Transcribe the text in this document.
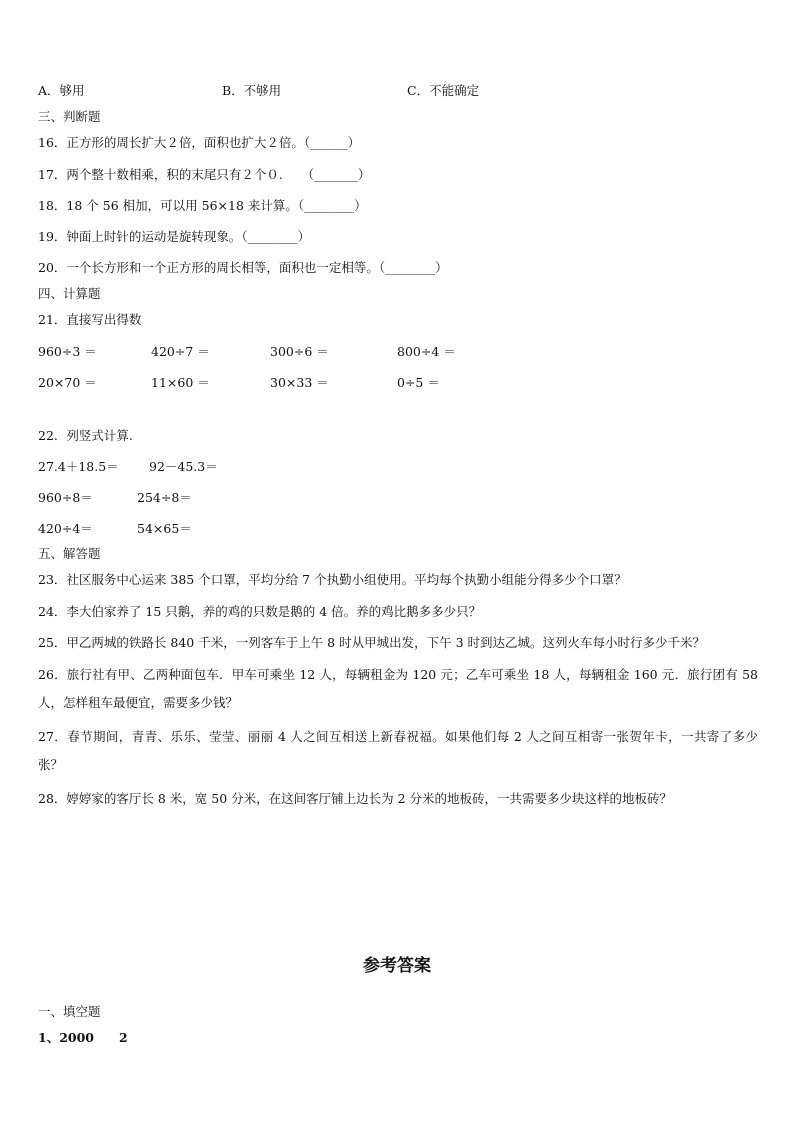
A．够用	B．不够用	C．不能确定
三、判断题
16．正方形的周长扩大２倍，面积也扩大２倍。（______）
17．两个整十数相乘，积的末尾只有２个０.　　（_______）
18．18 个 56 相加，可以用 56×18 来计算。（________）
19．钟面上时针的运动是旋转现象。（________）
20．一个长方形和一个正方形的周长相等，面积也一定相等。（________）
四、计算题
21．直接写出得数
960÷3 ＝	420÷7 ＝	300÷6 ＝	800÷4 ＝
20×70 ＝	11×60 ＝	30×33 ＝	0÷5 ＝
22．列竖式计算.
27.4＋18.5＝ 92－45.3＝
960÷8＝	254÷8＝
420÷4＝	54×65＝
五、解答题
23．社区服务中心运来 385 个口罩，平均分给 7 个执勤小组使用。平均每个执勤小组能分得多少个口罩？
24．李大伯家养了 15 只鹅，养的鸡的只数是鹅的 4 倍。养的鸡比鹅多多少只？
25．甲乙两城的铁路长 840 千米，一列客车于上午 8 时从甲城出发，下午 3 时到达乙城。这列火车每小时行多少千米？
26．旅行社有甲、乙两种面包车．甲车可乘坐 12 人，每辆租金为 120 元；乙车可乘坐 18 人，每辆租金 160 元．旅行团有 58 人，怎样租车最便宜，需要多少钱？
27．春节期间，青青、乐乐、莹莹、丽丽 4 人之间互相送上新春祝福。如果他们每 2 人之间互相寄一张贺年卡，一共寄了多少张？
28．婷婷家的客厅长 8 米，宽 50 分米，在这间客厅铺上边长为 2 分米的地板砖，一共需要多少块这样的地板砖？
参考答案
一、填空题
1、2000　　2
